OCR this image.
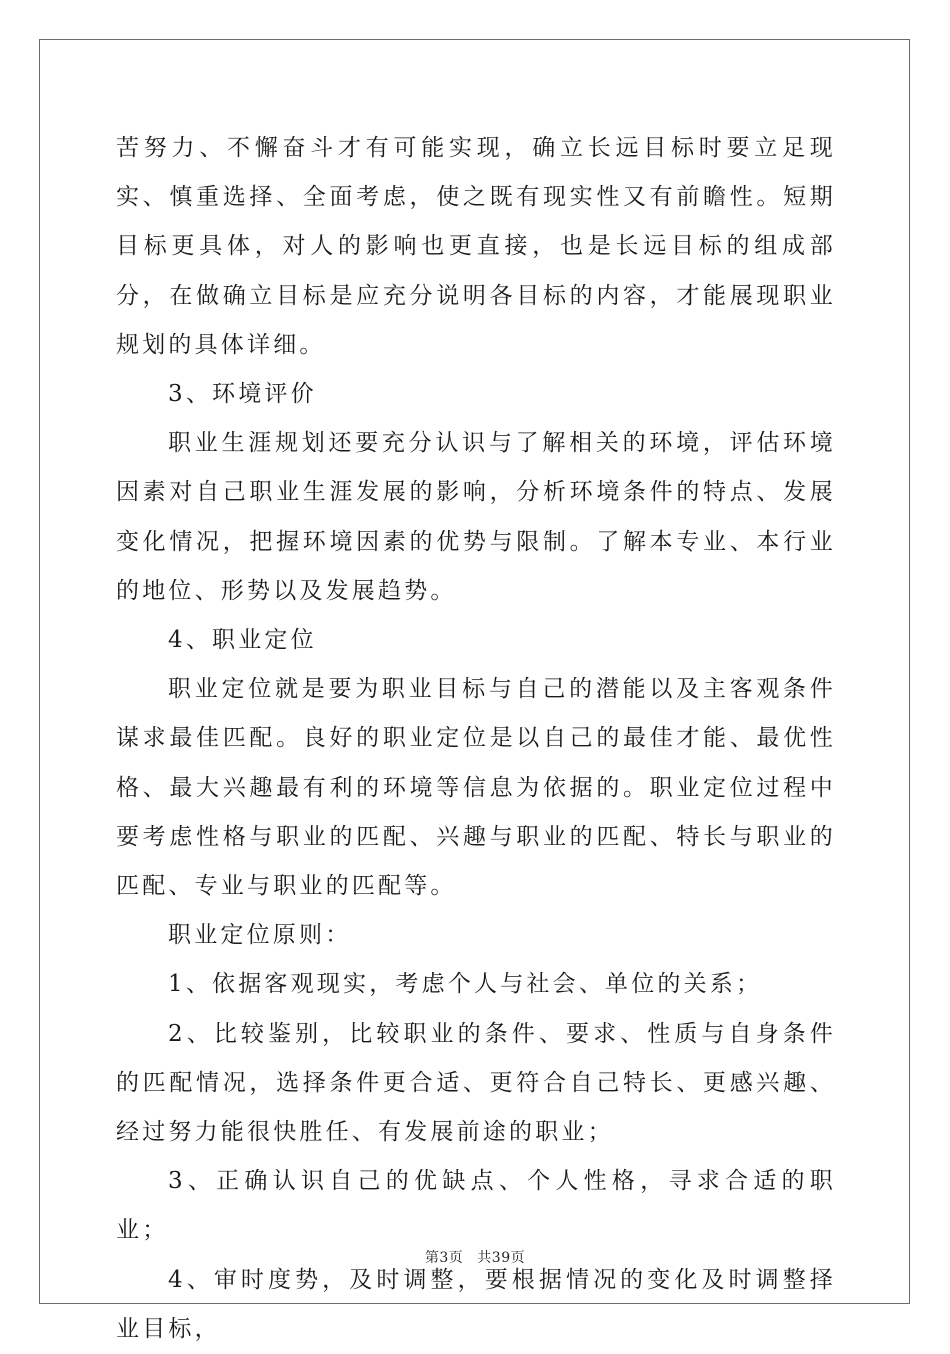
苦努力、不懈奋斗才有可能实现，确立长远目标时要立足现实、慎重选择、全面考虑，使之既有现实性又有前瞻性。短期目标更具体，对人的影响也更直接，也是长远目标的组成部分，在做确立目标是应充分说明各目标的内容，才能展现职业规划的具体详细。

3、环境评价

职业生涯规划还要充分认识与了解相关的环境，评估环境因素对自己职业生涯发展的影响，分析环境条件的特点、发展变化情况，把握环境因素的优势与限制。了解本专业、本行业的地位、形势以及发展趋势。

4、职业定位

职业定位就是要为职业目标与自己的潜能以及主客观条件谋求最佳匹配。良好的职业定位是以自己的最佳才能、最优性格、最大兴趣最有利的环境等信息为依据的。职业定位过程中要考虑性格与职业的匹配、兴趣与职业的匹配、特长与职业的匹配、专业与职业的匹配等。

职业定位原则：

1、依据客观现实，考虑个人与社会、单位的关系；

2、比较鉴别，比较职业的条件、要求、性质与自身条件的匹配情况，选择条件更合适、更符合自己特长、更感兴趣、经过努力能很快胜任、有发展前途的职业；

3、正确认识自己的优缺点、个人性格，寻求合适的职业；

4、审时度势，及时调整，要根据情况的变化及时调整择业目标，

第3页 共39页
